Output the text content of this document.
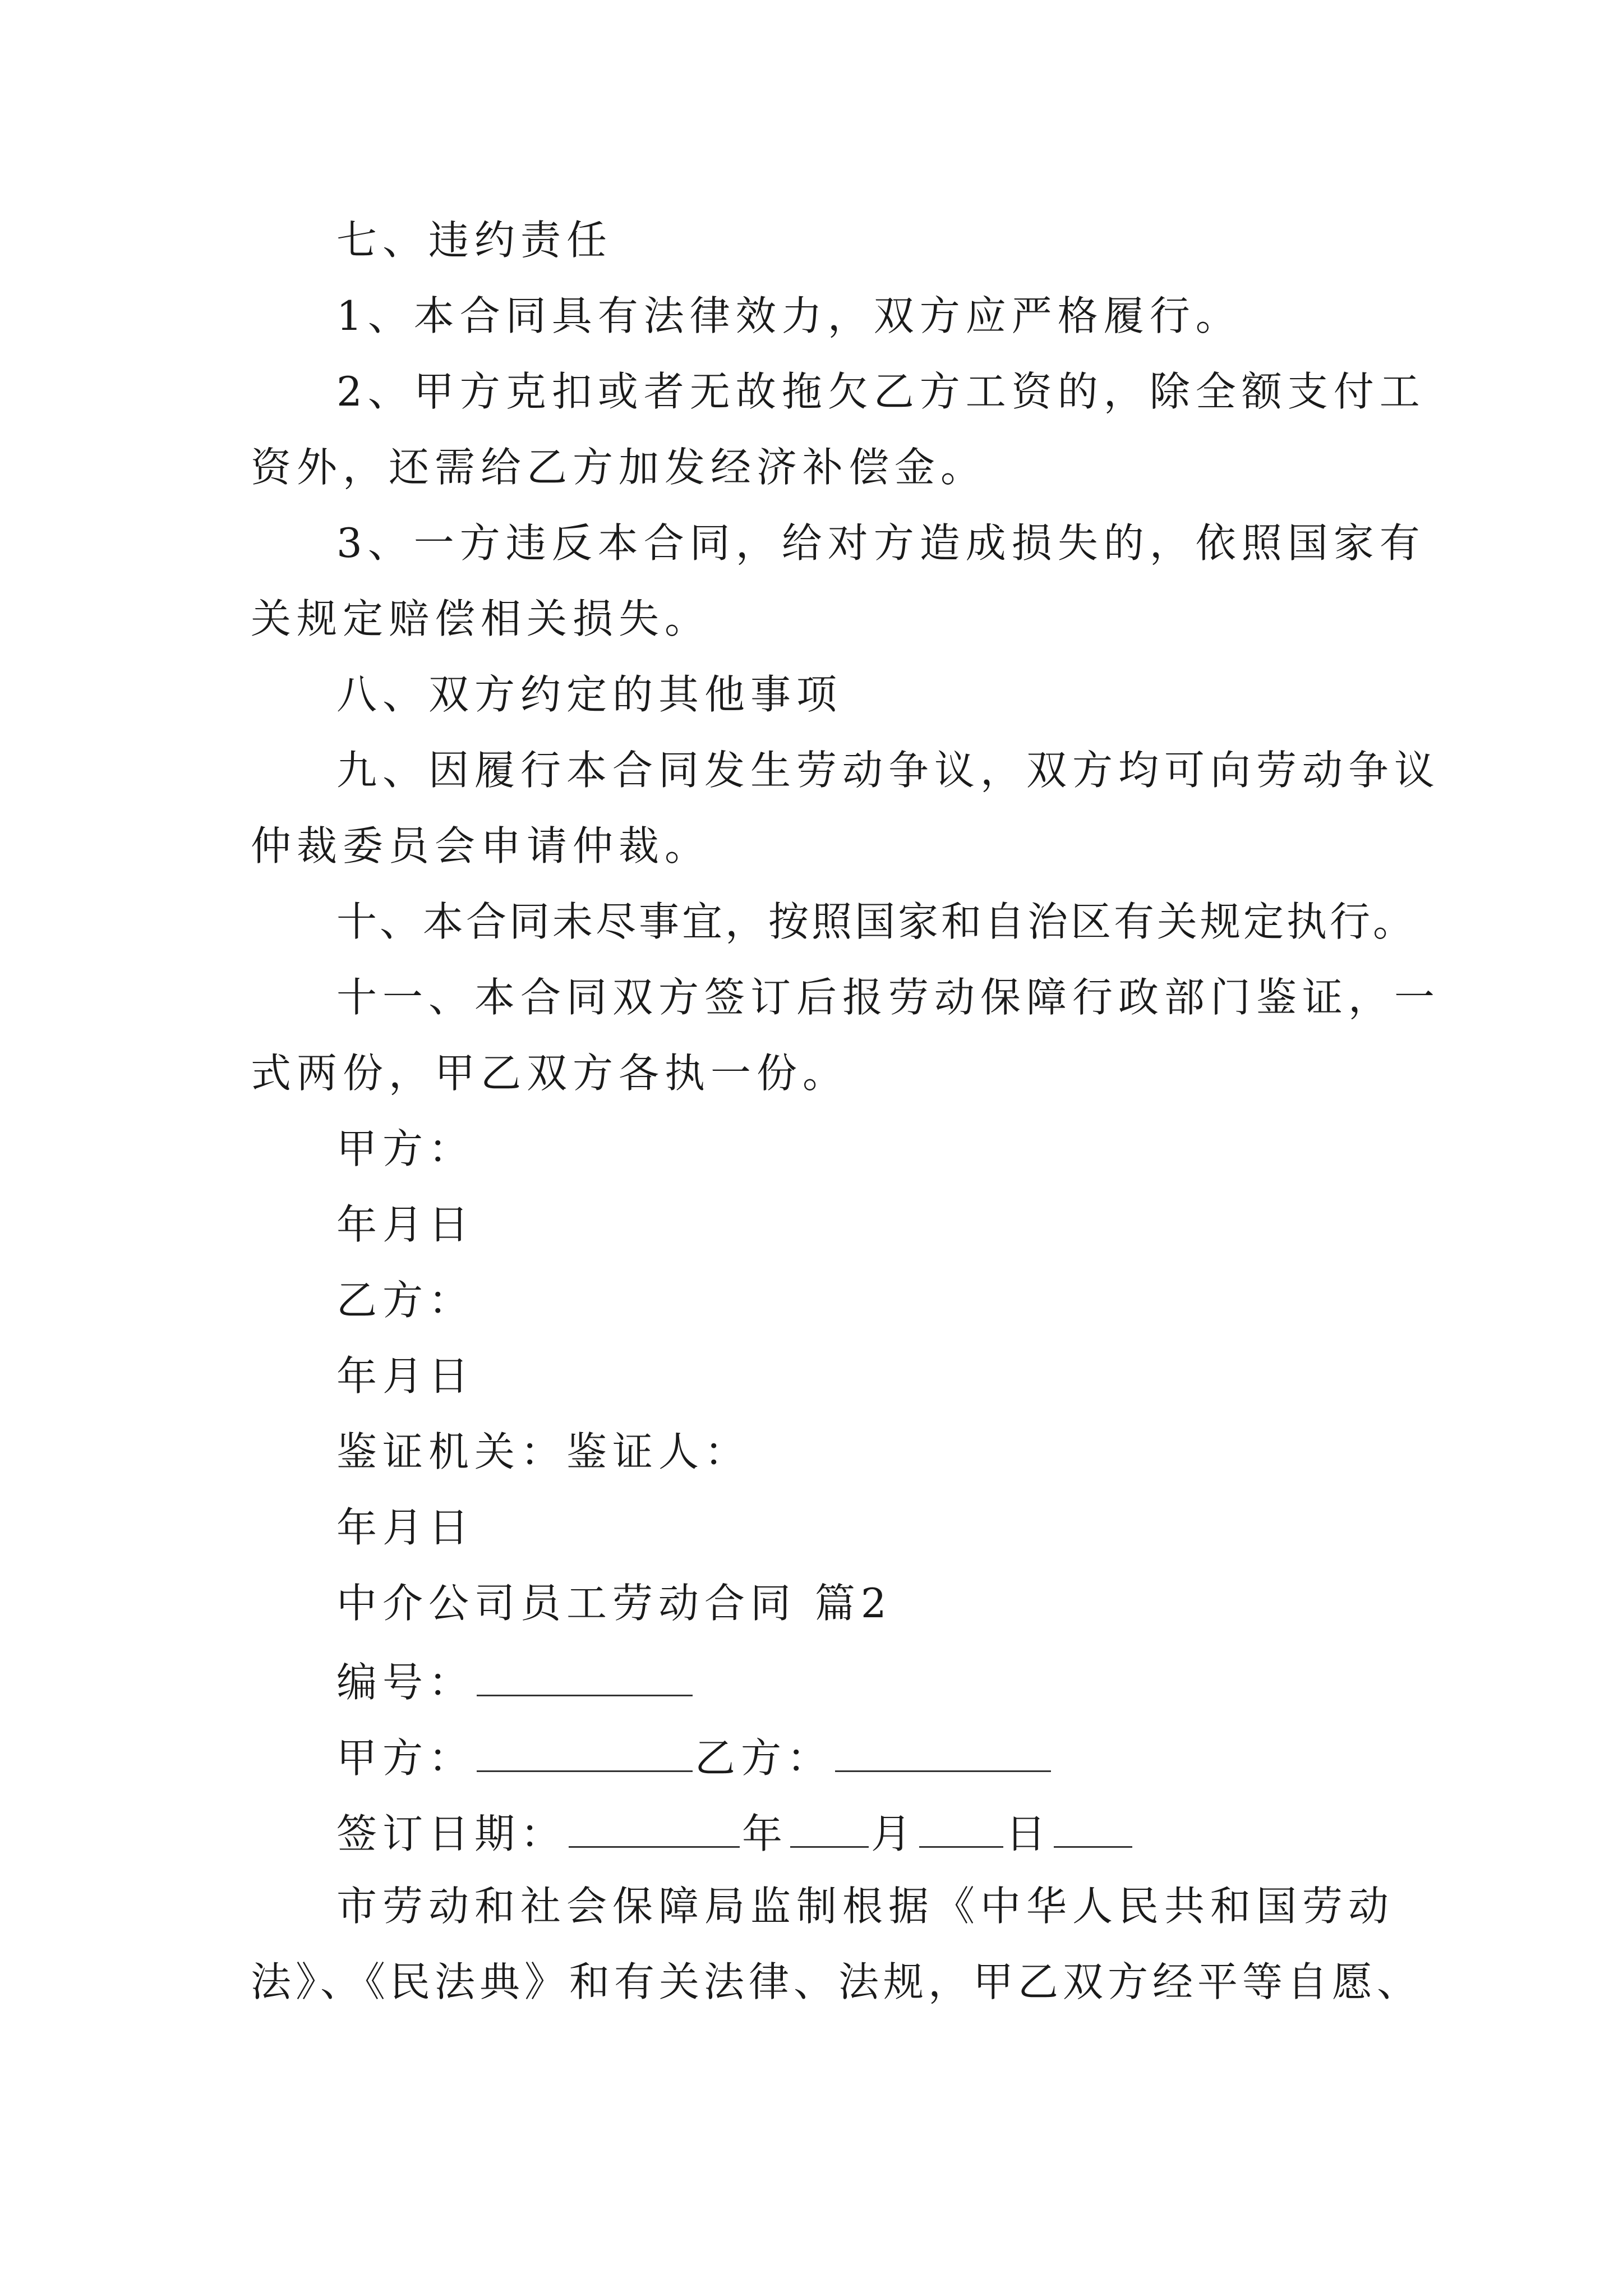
七、违约责任
1、本合同具有法律效力，双方应严格履行。
2、甲方克扣或者无故拖欠乙方工资的，除全额支付工
资外，还需给乙方加发经济补偿金。
3、一方违反本合同，给对方造成损失的，依照国家有
关规定赔偿相关损失。
八、双方约定的其他事项
九、因履行本合同发生劳动争议，双方均可向劳动争议
仲裁委员会申请仲裁。
十、本合同未尽事宜，按照国家和自治区有关规定执行。
十一、本合同双方签订后报劳动保障行政部门鉴证，一
式两份，甲乙双方各执一份。
甲方：
年月日
乙方：
年月日
鉴证机关：鉴证人：
年月日
中介公司员工劳动合同 篇2
编号：
甲方：	乙方：
签订日期：	年 月 日
市劳动和社会保障局监制根据《中华人民共和国劳动
法》、《民法典》和有关法律、法规，甲乙双方经平等自愿、
